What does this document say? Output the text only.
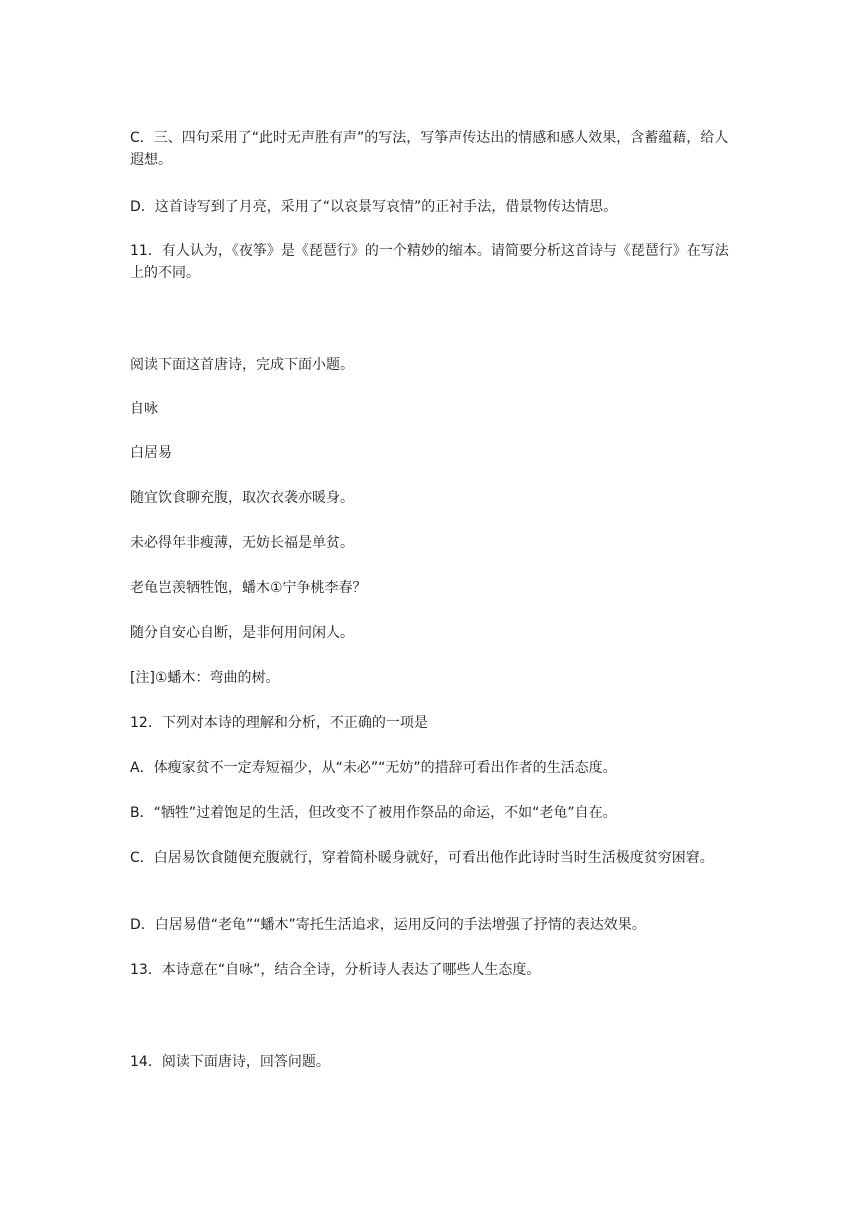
C．三、四句采用了“此时无声胜有声”的写法，写筝声传达出的情感和感人效果，含蓄蕴藉，给人遐想。

D．这首诗写到了月亮，采用了“以哀景写哀情”的正衬手法，借景物传达情思。

11．有人认为，《夜筝》是《琵琶行》的一个精妙的缩本。请简要分析这首诗与《琵琶行》在写法上的不同。

阅读下面这首唐诗，完成下面小题。

自咏

白居易

随宜饮食聊充腹，取次衣袭亦暖身。

未必得年非瘦薄，无妨长福是单贫。

老龟岂羡牺牲饱，蟠木①宁争桃李春？

随分自安心自断，是非何用问闲人。

[注]①蟠木：弯曲的树。

12．下列对本诗的理解和分析，不正确的一项是

A．体瘦家贫不一定寿短福少，从“未必”“无妨”的措辞可看出作者的生活态度。

B．“牺牲”过着饱足的生活，但改变不了被用作祭品的命运，不如“老龟”自在。

C．白居易饮食随便充腹就行，穿着简朴暖身就好，可看出他作此诗时当时生活极度贫穷困窘。

D．白居易借“老龟”“蟠木”寄托生活追求，运用反问的手法增强了抒情的表达效果。

13．本诗意在“自咏”，结合全诗，分析诗人表达了哪些人生态度。

14．阅读下面唐诗，回答问题。
